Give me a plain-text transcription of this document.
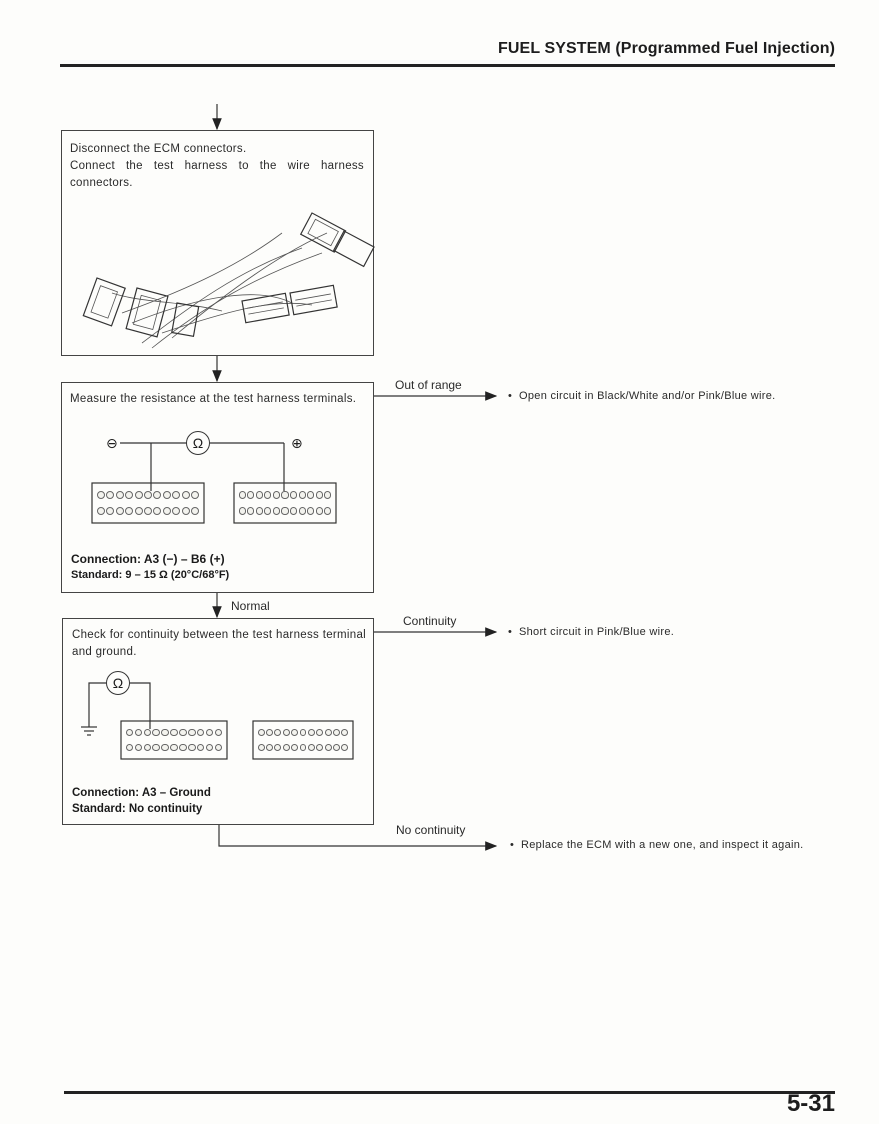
FUEL SYSTEM (Programmed Fuel Injection)
Disconnect the ECM connectors.
Connect the test harness to the wire harness connectors.
Measure the resistance at the test harness terminals.
⊖	⊕
Ω
Connection: A3 (−) – B6 (+)
Standard: 9 – 15 Ω (20°C/68°F)
Normal
Check for continuity between the test harness terminal and ground.
Ω
Connection: A3 – Ground
Standard: No continuity
Out of range
Continuity
No continuity
• Open circuit in Black/White and/or Pink/Blue wire.
• Short circuit in Pink/Blue wire.
• Replace the ECM with a new one, and inspect it again.
5-31
